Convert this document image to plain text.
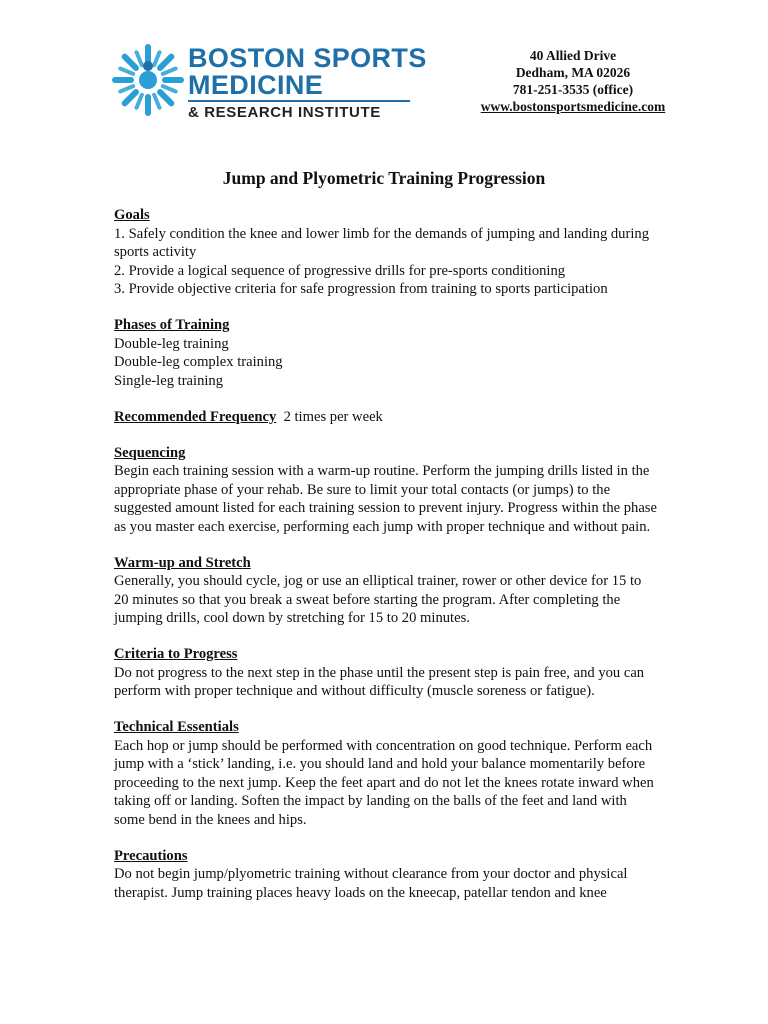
BOSTON SPORTS
MEDICINE
& RESEARCH INSTITUTE
40 Allied Drive
Dedham, MA 02026
781-251-3535 (office)
www.bostonsportsmedicine.com
Jump and Plyometric Training Progression

Goals

1. Safely condition the knee and lower limb for the demands of jumping and landing during sports activity

2. Provide a logical sequence of progressive drills for pre-sports conditioning

3. Provide objective criteria for safe progression from training to sports participation

Phases of Training

Double-leg training

Double-leg complex training

Single-leg training

Recommended Frequency 2 times per week

Sequencing

Begin each training session with a warm-up routine. Perform the jumping drills listed in the appropriate phase of your rehab. Be sure to limit your total contacts (or jumps) to the suggested amount listed for each training session to prevent injury. Progress within the phase as you master each exercise, performing each jump with proper technique and without pain.

Warm-up and Stretch

Generally, you should cycle, jog or use an elliptical trainer, rower or other device for 15 to 20 minutes so that you break a sweat before starting the program. After completing the jumping drills, cool down by stretching for 15 to 20 minutes.

Criteria to Progress

Do not progress to the next step in the phase until the present step is pain free, and you can perform with proper technique and without difficulty (muscle soreness or fatigue).

Technical Essentials

Each hop or jump should be performed with concentration on good technique. Perform each jump with a ‘stick’ landing, i.e. you should land and hold your balance momentarily before proceeding to the next jump. Keep the feet apart and do not let the knees rotate inward when taking off or landing. Soften the impact by landing on the balls of the feet and land with some bend in the knees and hips.

Precautions

Do not begin jump/plyometric training without clearance from your doctor and physical therapist. Jump training places heavy loads on the kneecap, patellar tendon and knee
